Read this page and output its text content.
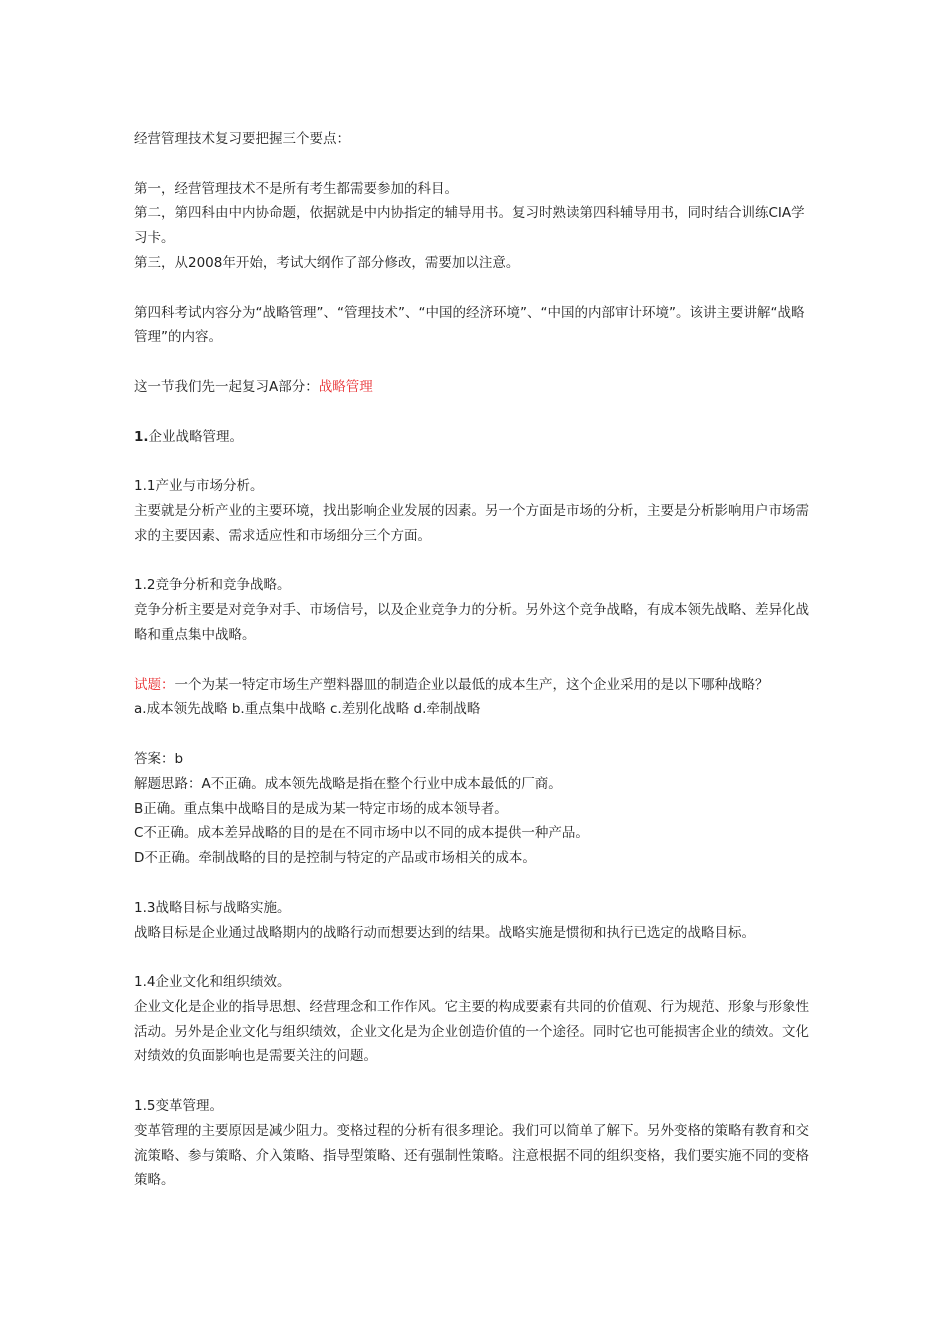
经营管理技术复习要把握三个要点：

第一，经营管理技术不是所有考生都需要参加的科目。

第二，第四科由中内协命题，依据就是中内协指定的辅导用书。复习时熟读第四科辅导用书，同时结合训练CIA学习卡。

第三，从2008年开始，考试大纲作了部分修改，需要加以注意。

第四科考试内容分为“战略管理”、“管理技术”、“中国的经济环境”、“中国的内部审计环境”。该讲主要讲解“战略管理”的内容。

这一节我们先一起复习A部分：战略管理

1.企业战略管理。

1.1产业与市场分析。

主要就是分析产业的主要环境，找出影响企业发展的因素。另一个方面是市场的分析，主要是分析影响用户市场需求的主要因素、需求适应性和市场细分三个方面。

1.2竞争分析和竞争战略。

竞争分析主要是对竞争对手、市场信号，以及企业竞争力的分析。另外这个竞争战略，有成本领先战略、差异化战略和重点集中战略。

试题：一个为某一特定市场生产塑料器皿的制造企业以最低的成本生产，这个企业采用的是以下哪种战略？

a.成本领先战略 b.重点集中战略 c.差别化战略 d.牵制战略

答案：b

解题思路：A不正确。成本领先战略是指在整个行业中成本最低的厂商。

B正确。重点集中战略目的是成为某一特定市场的成本领导者。

C不正确。成本差异战略的目的是在不同市场中以不同的成本提供一种产品。

D不正确。牵制战略的目的是控制与特定的产品或市场相关的成本。

1.3战略目标与战略实施。

战略目标是企业通过战略期内的战略行动而想要达到的结果。战略实施是惯彻和执行已选定的战略目标。

1.4企业文化和组织绩效。

企业文化是企业的指导思想、经营理念和工作作风。它主要的构成要素有共同的价值观、行为规范、形象与形象性活动。另外是企业文化与组织绩效，企业文化是为企业创造价值的一个途径。同时它也可能损害企业的绩效。文化对绩效的负面影响也是需要关注的问题。

1.5变革管理。

变革管理的主要原因是减少阻力。变格过程的分析有很多理论。我们可以简单了解下。另外变格的策略有教育和交流策略、参与策略、介入策略、指导型策略、还有强制性策略。注意根据不同的组织变格，我们要实施不同的变格策略。
